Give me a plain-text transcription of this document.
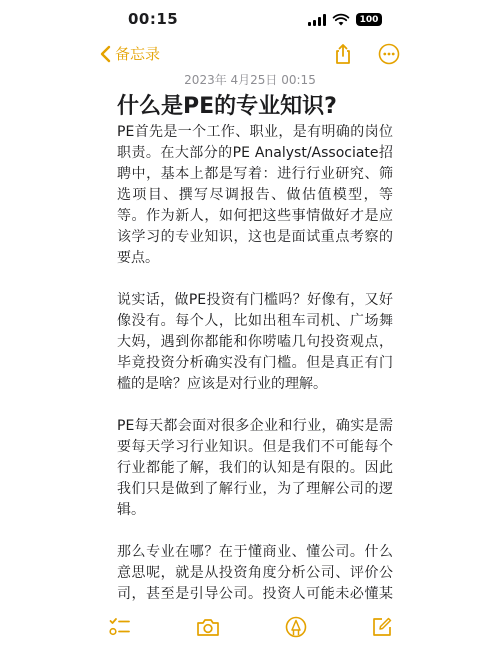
00:15	100
备忘录
2023年 4月25日 00:15
什么是PE的专业知识?

PE首先是一个工作、职业，是有明确的岗位职责。在大部分的PE Analyst/Associate招聘中，基本上都是写着：进行行业研究、筛选项目、撰写尽调报告、做估值模型，等等。作为新人，如何把这些事情做好才是应该学习的专业知识，这也是面试重点考察的要点。

说实话，做PE投资有门槛吗？好像有，又好像没有。每个人，比如出租车司机、广场舞大妈，遇到你都能和你唠嗑几句投资观点，毕竟投资分析确实没有门槛。但是真正有门槛的是啥？应该是对行业的理解。

PE每天都会面对很多企业和行业，确实是需要每天学习行业知识。但是我们不可能每个行业都能了解，我们的认知是有限的。因此我们只是做到了解行业，为了理解公司的逻辑。

那么专业在哪？在于懂商业、懂公司。什么意思呢，就是从投资角度分析公司、评价公司，甚至是引导公司。投资人可能未必懂某
